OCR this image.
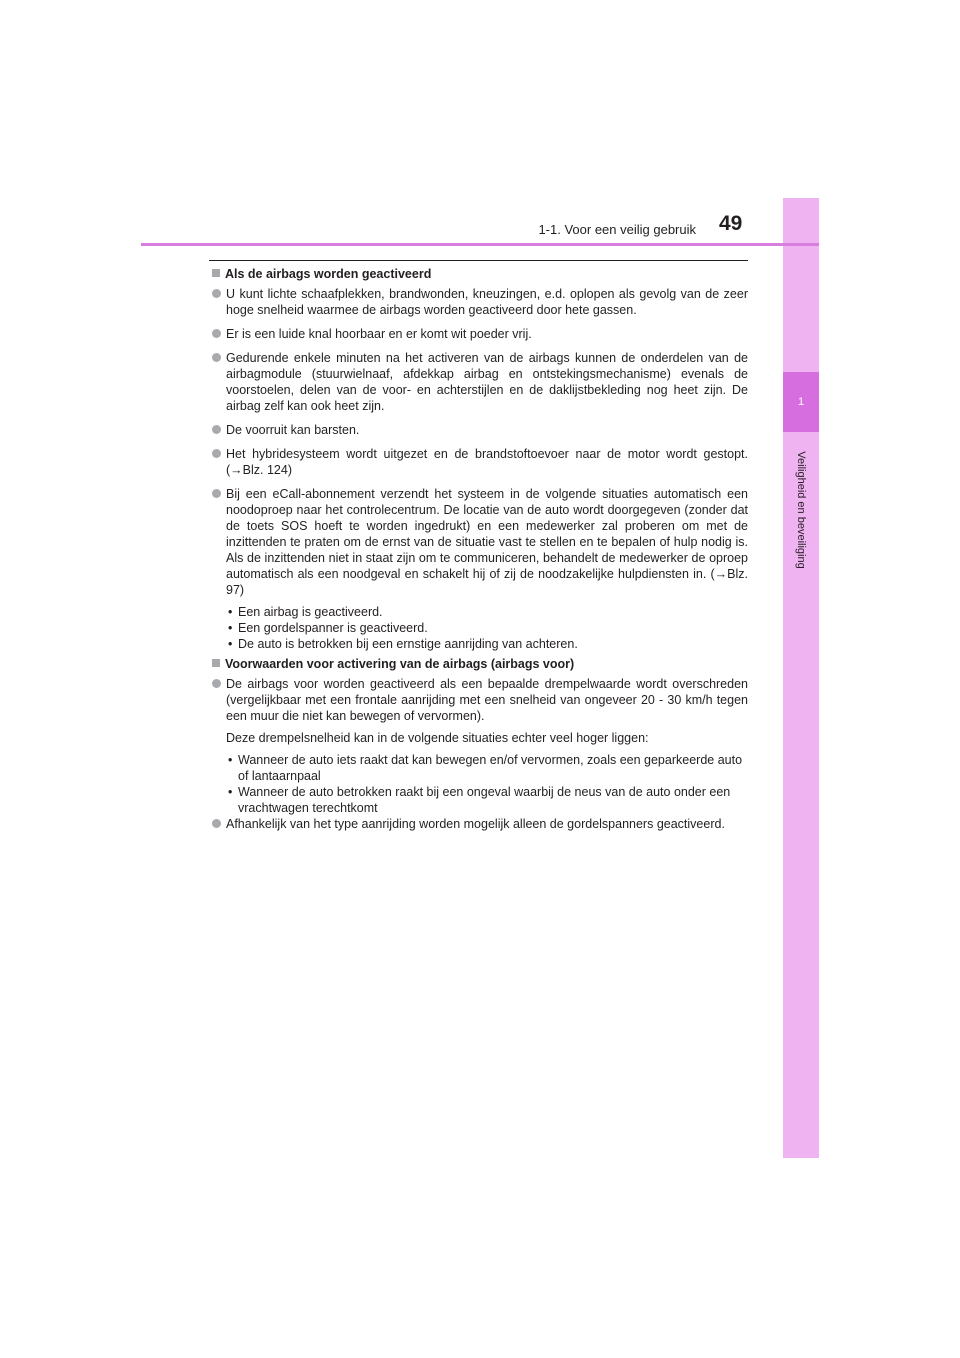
1
Veiligheid en beveiliging
1-1. Voor een veilig gebruik 49
Als de airbags worden geactiveerd

U kunt lichte schaafplekken, brandwonden, kneuzingen, e.d. oplopen als gevolg van de zeer hoge snelheid waarmee de airbags worden geactiveerd door hete gassen.

Er is een luide knal hoorbaar en er komt wit poeder vrij.

Gedurende enkele minuten na het activeren van de airbags kunnen de onderdelen van de airbagmodule (stuurwielnaaf, afdekkap airbag en ontstekingsmechanisme) evenals de voorstoelen, delen van de voor- en achterstijlen en de daklijstbekleding nog heet zijn. De airbag zelf kan ook heet zijn.

De voorruit kan barsten.

Het hybridesysteem wordt uitgezet en de brandstoftoevoer naar de motor wordt gestopt. (→Blz. 124)

Bij een eCall-abonnement verzendt het systeem in de volgende situaties automatisch een noodoproep naar het controlecentrum. De locatie van de auto wordt doorgegeven (zonder dat de toets SOS hoeft te worden ingedrukt) en een medewerker zal proberen om met de inzittenden te praten om de ernst van de situatie vast te stellen en te bepalen of hulp nodig is. Als de inzittenden niet in staat zijn om te communiceren, behandelt de medewerker de oproep automatisch als een noodgeval en schakelt hij of zij de noodzakelijke hulpdiensten in. (→Blz. 97)

• Een airbag is geactiveerd.

• Een gordelspanner is geactiveerd.

• De auto is betrokken bij een ernstige aanrijding van achteren.

Voorwaarden voor activering van de airbags (airbags voor)

De airbags voor worden geactiveerd als een bepaalde drempelwaarde wordt overschreden (vergelijkbaar met een frontale aanrijding met een snelheid van ongeveer 20 - 30 km/h tegen een muur die niet kan bewegen of vervormen).

Deze drempelsnelheid kan in de volgende situaties echter veel hoger liggen:

• Wanneer de auto iets raakt dat kan bewegen en/of vervormen, zoals een geparkeerde auto of lantaarnpaal

• Wanneer de auto betrokken raakt bij een ongeval waarbij de neus van de auto onder een vrachtwagen terechtkomt

Afhankelijk van het type aanrijding worden mogelijk alleen de gordelspanners geactiveerd.
